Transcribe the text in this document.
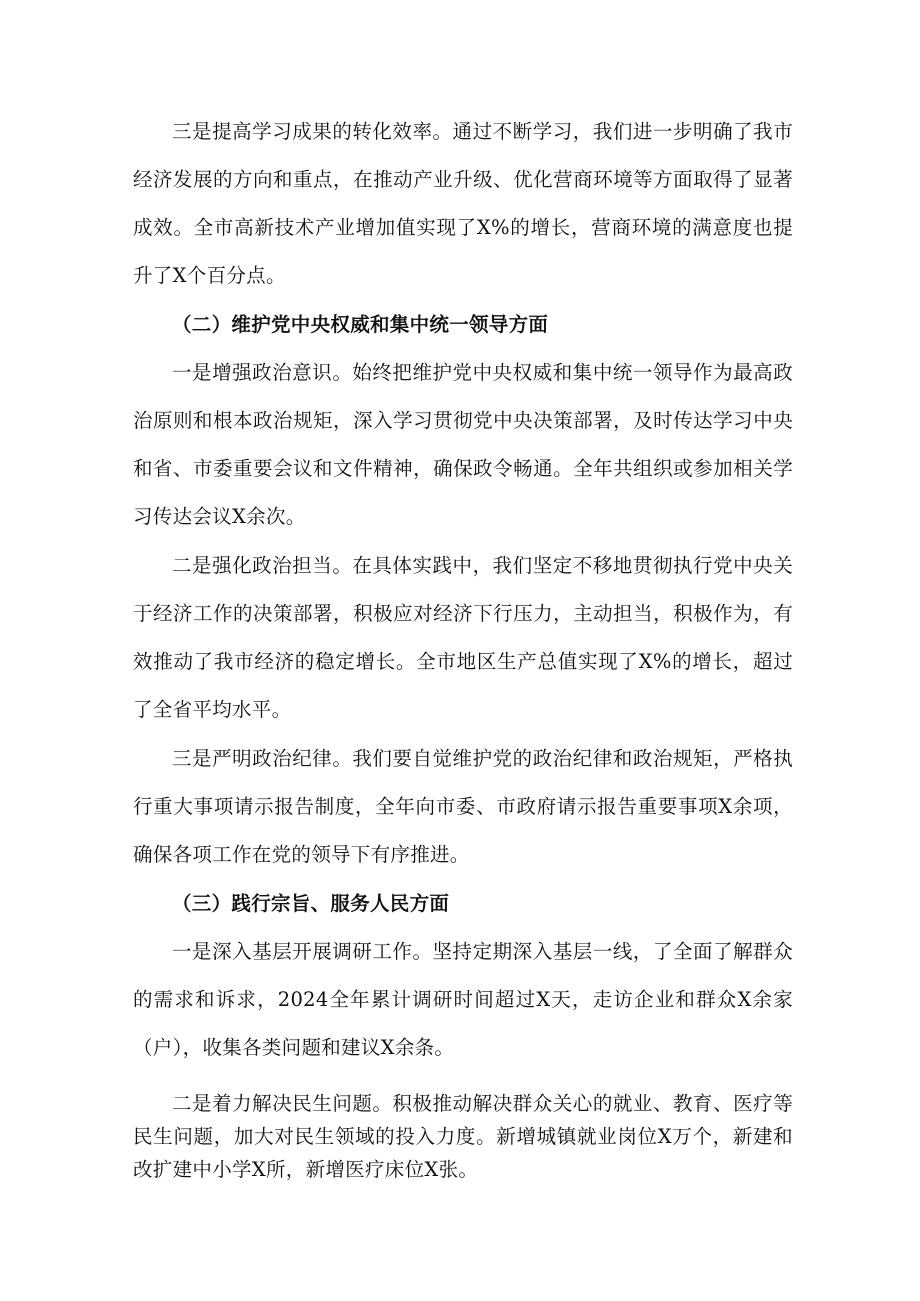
三是提高学习成果的转化效率。通过不断学习，我们进一步明确了我市经济发展的方向和重点，在推动产业升级、优化营商环境等方面取得了显著成效。全市高新技术产业增加值实现了X%的增长，营商环境的满意度也提升了X个百分点。

（二）维护党中央权威和集中统一领导方面

一是增强政治意识。始终把维护党中央权威和集中统一领导作为最高政治原则和根本政治规矩，深入学习贯彻党中央决策部署，及时传达学习中央和省、市委重要会议和文件精神，确保政令畅通。全年共组织或参加相关学习传达会议X余次。

二是强化政治担当。在具体实践中，我们坚定不移地贯彻执行党中央关于经济工作的决策部署，积极应对经济下行压力，主动担当，积极作为，有效推动了我市经济的稳定增长。全市地区生产总值实现了X%的增长，超过了全省平均水平。

三是严明政治纪律。我们要自觉维护党的政治纪律和政治规矩，严格执行重大事项请示报告制度，全年向市委、市政府请示报告重要事项X余项，确保各项工作在党的领导下有序推进。

（三）践行宗旨、服务人民方面

一是深入基层开展调研工作。坚持定期深入基层一线，了全面了解群众的需求和诉求，2024全年累计调研时间超过X天，走访企业和群众X余家（户），收集各类问题和建议X余条。

二是着力解决民生问题。积极推动解决群众关心的就业、教育、医疗等民生问题，加大对民生领域的投入力度。新增城镇就业岗位X万个，新建和改扩建中小学X所，新增医疗床位X张。
